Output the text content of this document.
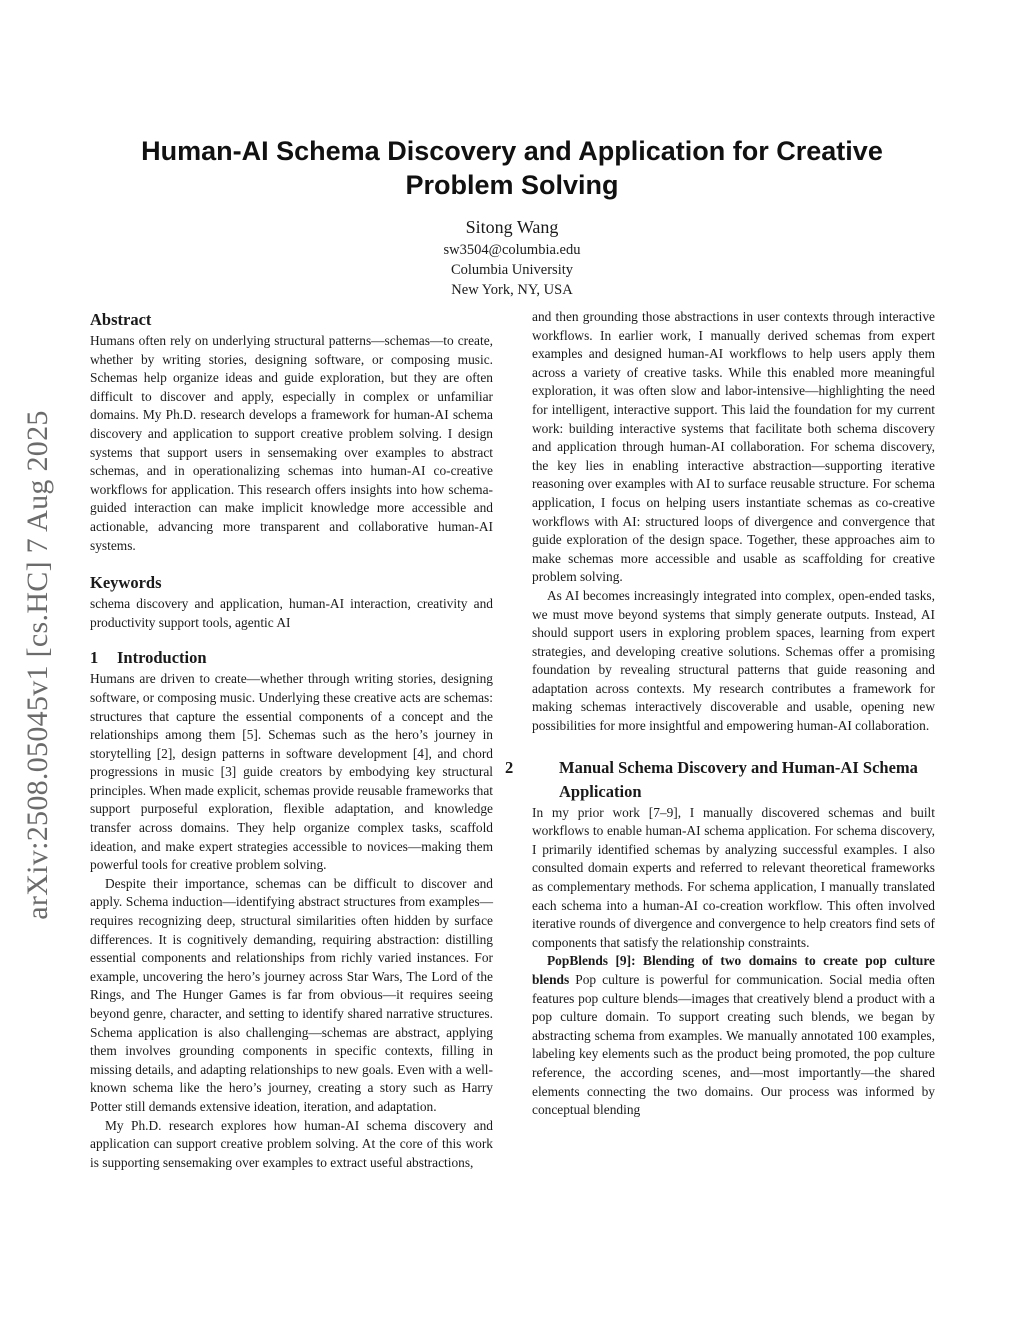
arXiv:2508.05045v1 [cs.HC] 7 Aug 2025
Human-AI Schema Discovery and Application for Creative Problem Solving
Sitong Wang
sw3504@columbia.edu
Columbia University
New York, NY, USA
Abstract

Humans often rely on underlying structural patterns—schemas—to create, whether by writing stories, designing software, or composing music. Schemas help organize ideas and guide exploration, but they are often difficult to discover and apply, especially in complex or unfamiliar domains. My Ph.D. research develops a framework for human-AI schema discovery and application to support creative problem solving. I design systems that support users in sensemaking over examples to abstract schemas, and in operationalizing schemas into human-AI co-creative workflows for application. This research offers insights into how schema-guided interaction can make implicit knowledge more accessible and actionable, advancing more transparent and collaborative human-AI systems.

Keywords

schema discovery and application, human-AI interaction, creativity and productivity support tools, agentic AI

1 Introduction

Humans are driven to create—whether through writing stories, designing software, or composing music. Underlying these creative acts are schemas: structures that capture the essential components of a concept and the relationships among them [5]. Schemas such as the hero’s journey in storytelling [2], design patterns in software development [4], and chord progressions in music [3] guide creators by embodying key structural principles. When made explicit, schemas provide reusable frameworks that support purposeful exploration, flexible adaptation, and knowledge transfer across domains. They help organize complex tasks, scaffold ideation, and make expert strategies accessible to novices—making them powerful tools for creative problem solving.

Despite their importance, schemas can be difficult to discover and apply. Schema induction—identifying abstract structures from examples—requires recognizing deep, structural similarities often hidden by surface differences. It is cognitively demanding, requiring abstraction: distilling essential components and relationships from richly varied instances. For example, uncovering the hero’s journey across Star Wars, The Lord of the Rings, and The Hunger Games is far from obvious—it requires seeing beyond genre, character, and setting to identify shared narrative structures. Schema application is also challenging—schemas are abstract, applying them involves grounding components in specific contexts, filling in missing details, and adapting relationships to new goals. Even with a well-known schema like the hero’s journey, creating a story such as Harry Potter still demands extensive ideation, iteration, and adaptation.

My Ph.D. research explores how human-AI schema discovery and application can support creative problem solving. At the core of this work is supporting sensemaking over examples to extract useful abstractions,

and then grounding those abstractions in user contexts through interactive workflows. In earlier work, I manually derived schemas from expert examples and designed human-AI workflows to help users apply them across a variety of creative tasks. While this enabled more meaningful exploration, it was often slow and labor-intensive—highlighting the need for intelligent, interactive support. This laid the foundation for my current work: building interactive systems that facilitate both schema discovery and application through human-AI collaboration. For schema discovery, the key lies in enabling interactive abstraction—supporting iterative reasoning over examples with AI to surface reusable structure. For schema application, I focus on helping users instantiate schemas as co-creative workflows with AI: structured loops of divergence and convergence that guide exploration of the design space. Together, these approaches aim to make schemas more accessible and usable as scaffolding for creative problem solving.

As AI becomes increasingly integrated into complex, open-ended tasks, we must move beyond systems that simply generate outputs. Instead, AI should support users in exploring problem spaces, learning from expert strategies, and developing creative solutions. Schemas offer a promising foundation by revealing structural patterns that guide reasoning and adaptation across contexts. My research contributes a framework for making schemas interactively discoverable and usable, opening new possibilities for more insightful and empowering human-AI collaboration.

2	Manual Schema Discovery and Human-AI Schema Application

In my prior work [7–9], I manually discovered schemas and built workflows to enable human-AI schema application. For schema discovery, I primarily identified schemas by analyzing successful examples. I also consulted domain experts and referred to relevant theoretical frameworks as complementary methods. For schema application, I manually translated each schema into a human-AI co-creation workflow. This often involved iterative rounds of divergence and convergence to help creators find sets of components that satisfy the relationship constraints.

PopBlends [9]: Blending of two domains to create pop culture blends Pop culture is powerful for communication. Social media often features pop culture blends—images that creatively blend a product with a pop culture domain. To support creating such blends, we began by abstracting schema from examples. We manually annotated 100 examples, labeling key elements such as the product being promoted, the pop culture reference, the according scenes, and—most importantly—the shared elements connecting the two domains. Our process was informed by conceptual blending
